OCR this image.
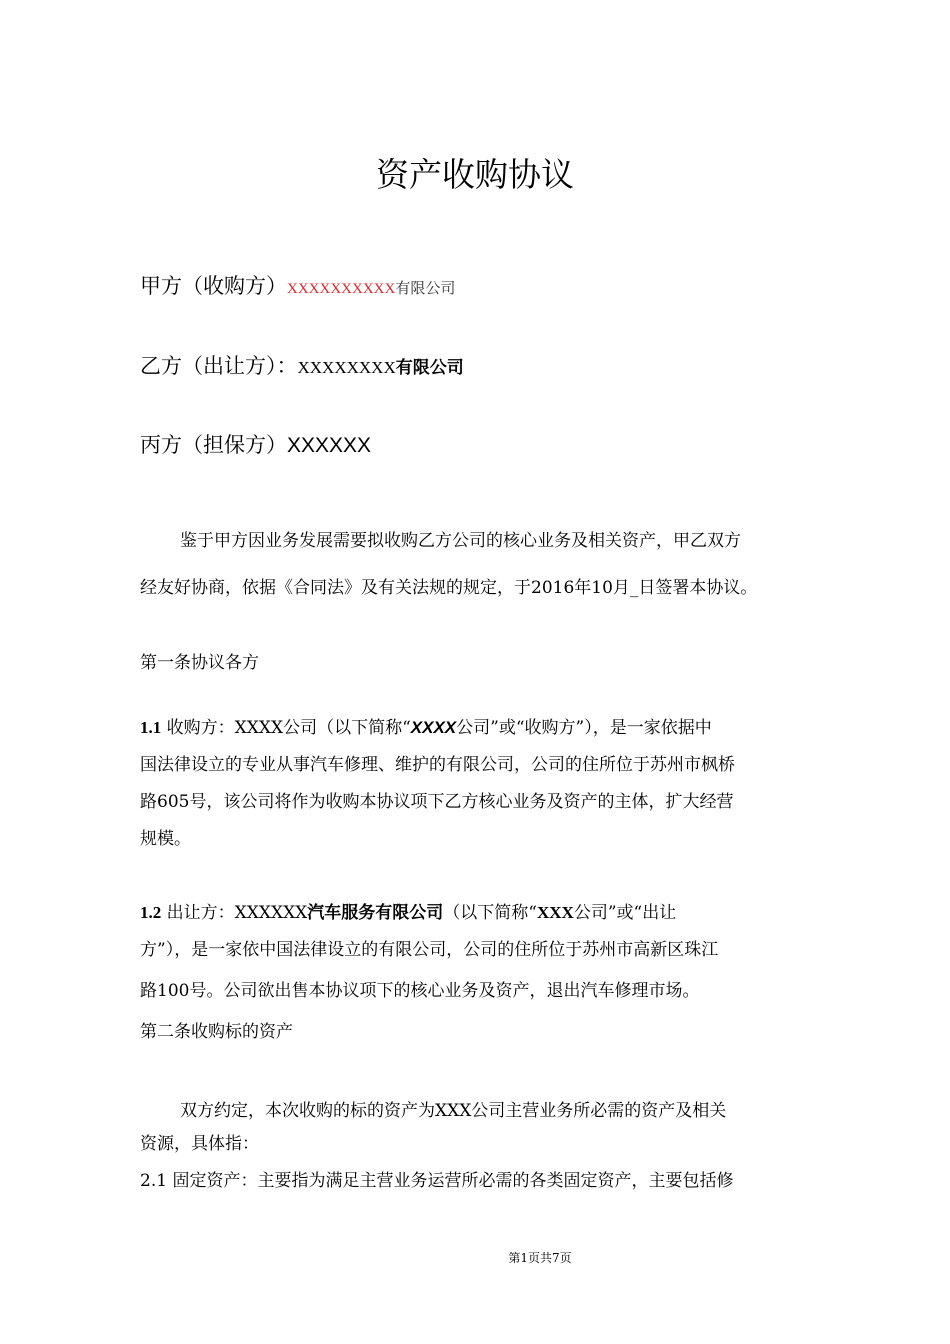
资产收购协议
甲方（收购方）XXXXXXXXXX有限公司
乙方（出让方）：XXXXXXXX有限公司
丙方（担保方）XXXXXX
鉴于甲方因业务发展需要拟收购乙方公司的核心业务及相关资产，甲乙双方
经友好协商，依据《合同法》及有关法规的规定，于2016年10月_日签署本协议。
第一条协议各方
1.1 收购方：XXXX公司（以下简称“XXXX公司”或“收购方”），是一家依据中
国法律设立的专业从事汽车修理、维护的有限公司，公司的住所位于苏州市枫桥
路605号，该公司将作为收购本协议项下乙方核心业务及资产的主体，扩大经营
规模。
1.2 出让方：XXXXXX汽车服务有限公司（以下简称“XXX公司”或“出让
方”），是一家依中国法律设立的有限公司，公司的住所位于苏州市高新区珠江
路100号。公司欲出售本协议项下的核心业务及资产，退出汽车修理市场。
第二条收购标的资产
双方约定，本次收购的标的资产为XXX公司主营业务所必需的资产及相关
资源，具体指：
2.1 固定资产：主要指为满足主营业务运营所必需的各类固定资产，主要包括修
第1页共7页
